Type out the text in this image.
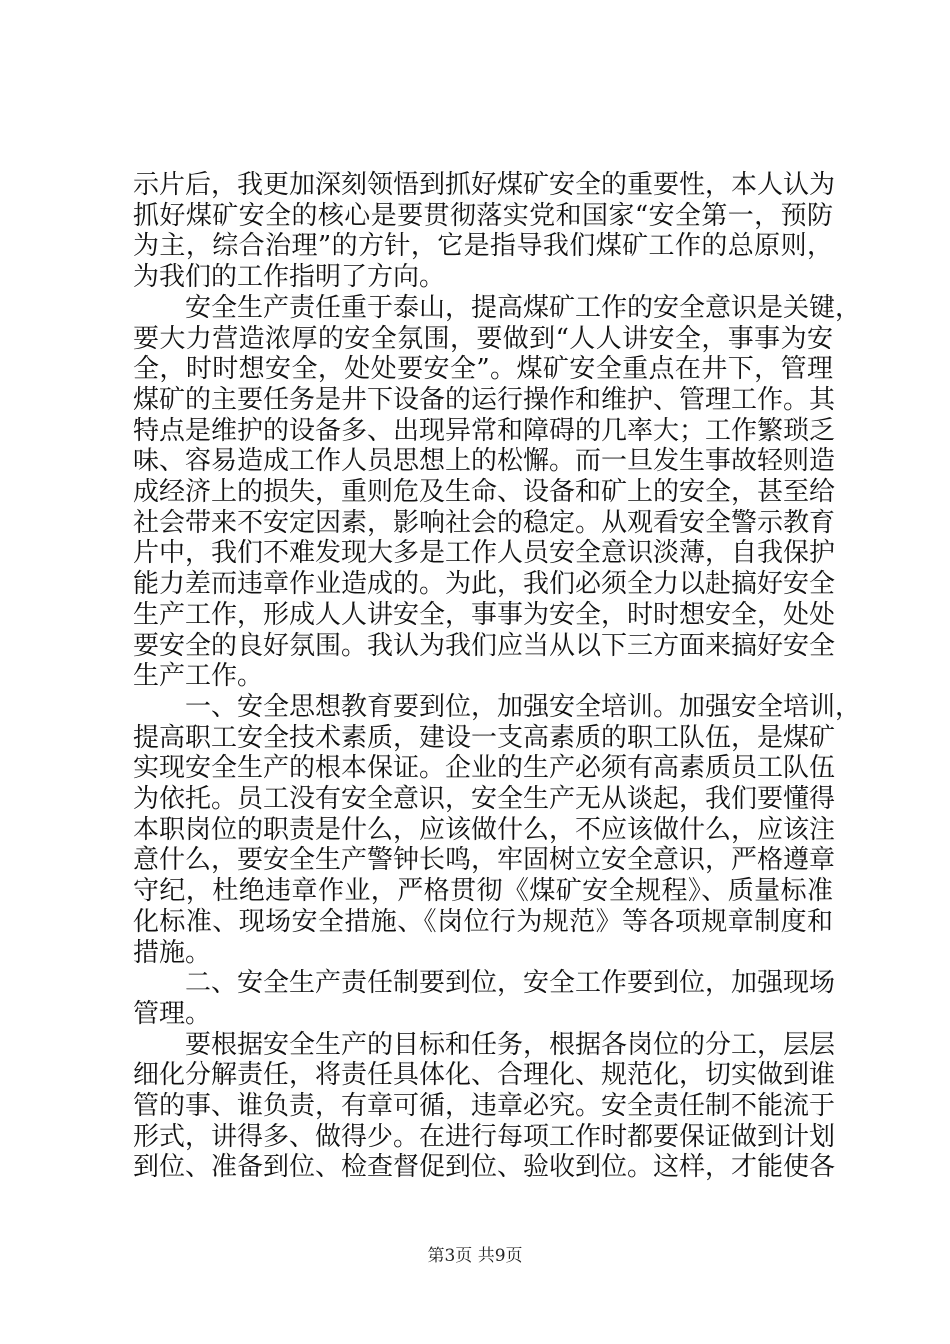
示片后，我更加深刻领悟到抓好煤矿安全的重要性，本人认为
抓好煤矿安全的核心是要贯彻落实党和国家“安全第一，预防
为主，综合治理”的方针，它是指导我们煤矿工作的总原则，
为我们的工作指明了方向。
安全生产责任重于泰山，提高煤矿工作的安全意识是关键，
要大力营造浓厚的安全氛围，要做到“人人讲安全，事事为安
全，时时想安全，处处要安全”。煤矿安全重点在井下，管理
煤矿的主要任务是井下设备的运行操作和维护、管理工作。其
特点是维护的设备多、出现异常和障碍的几率大；工作繁琐乏
味、容易造成工作人员思想上的松懈。而一旦发生事故轻则造
成经济上的损失，重则危及生命、设备和矿上的安全，甚至给
社会带来不安定因素，影响社会的稳定。从观看安全警示教育
片中，我们不难发现大多是工作人员安全意识淡薄，自我保护
能力差而违章作业造成的。为此，我们必须全力以赴搞好安全
生产工作，形成人人讲安全，事事为安全，时时想安全，处处
要安全的良好氛围。我认为我们应当从以下三方面来搞好安全
生产工作。
一、安全思想教育要到位，加强安全培训。加强安全培训，
提高职工安全技术素质，建设一支高素质的职工队伍，是煤矿
实现安全生产的根本保证。企业的生产必须有高素质员工队伍
为依托。员工没有安全意识，安全生产无从谈起，我们要懂得
本职岗位的职责是什么，应该做什么，不应该做什么，应该注
意什么，要安全生产警钟长鸣，牢固树立安全意识，严格遵章
守纪，杜绝违章作业，严格贯彻《煤矿安全规程》、质量标准
化标准、现场安全措施、《岗位行为规范》等各项规章制度和
措施。
二、安全生产责任制要到位，安全工作要到位，加强现场
管理。
要根据安全生产的目标和任务，根据各岗位的分工，层层
细化分解责任，将责任具体化、合理化、规范化，切实做到谁
管的事、谁负责，有章可循，违章必究。安全责任制不能流于
形式，讲得多、做得少。在进行每项工作时都要保证做到计划
到位、准备到位、检查督促到位、验收到位。这样，才能使各
第3页 共9页
